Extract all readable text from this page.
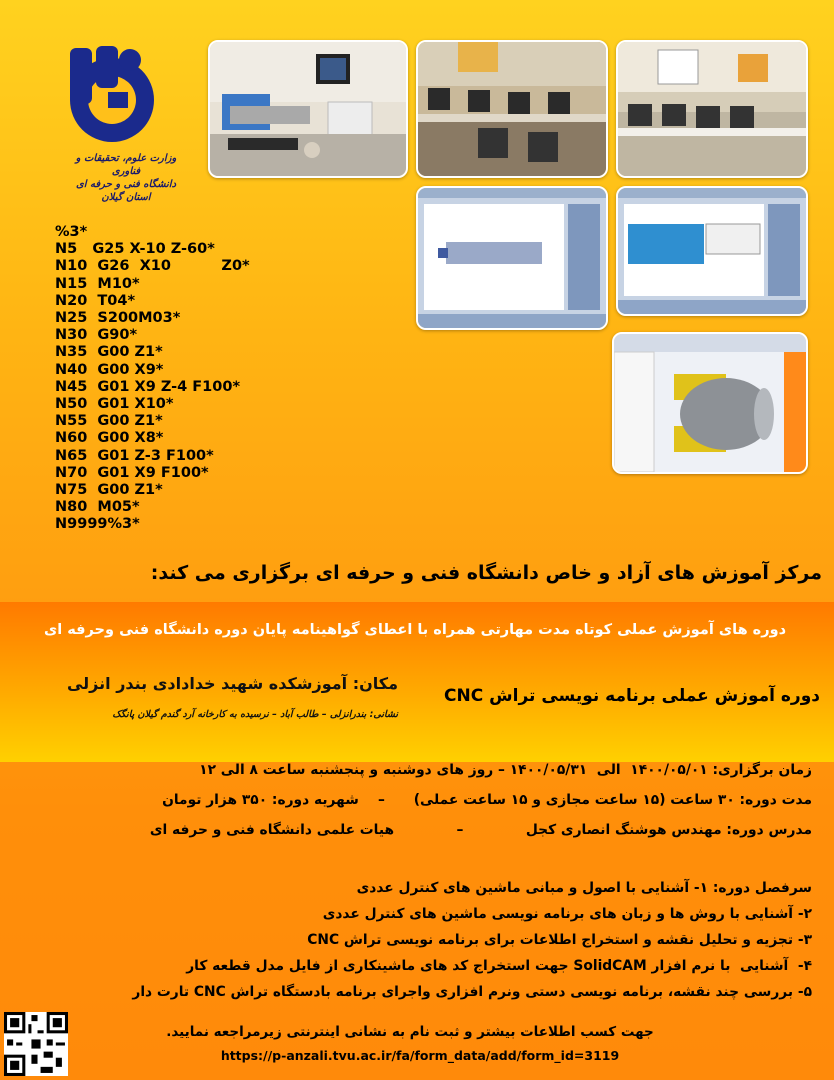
وزارت علوم، تحقیقات و فناوری
دانشگاه فنی و حرفه ای
استان گیلان
%3*
N5   G25 X-10 Z-60*
N10  G26  X10          Z0*
N15  M10*
N20  T04*
N25  S200M03*
N30  G90*
N35  G00 Z1*
N40  G00 X9*
N45  G01 X9 Z-4 F100*
N50  G01 X10*
N55  G00 Z1*
N60  G00 X8*
N65  G01 Z-3 F100*
N70  G01 X9 F100*
N75  G00 Z1*
N80  M05*
N9999%3*
مرکز آموزش های آزاد و خاص دانشگاه فنی و حرفه ای برگزاری می کند:
دوره های آموزش عملی کوتاه مدت مهارتی همراه با اعطای گواهینامه پایان دوره دانشگاه فنی وحرفه ای
مکان: آموزشکده شهید خدادادی بندر انزلی
نشانی: بندرانزلی – طالب آباد – نرسیده به کارخانه آرد گندم گیلان پانگک
دوره آموزش عملی برنامه نویسی تراش CNC
زمان برگزاری: ۱۴۰۰/۰۵/۰۱  الی  ۱۴۰۰/۰۵/۳۱ – روز های دوشنبه و پنجشنبه ساعت ۸ الی ۱۲
مدت دوره: ۳۰ ساعت (۱۵ ساعت مجازی و ۱۵ ساعت عملی)      –    شهریه دوره: ۳۵۰ هزار تومان
مدرس دوره: مهندس هوشنگ انصاری کجل             –             هیات علمی دانشگاه فنی و حرفه ای
سرفصل دوره: ۱- آشنایی با اصول و مبانی ماشین های کنترل عددی
۲- آشنایی با روش ها و زبان های برنامه نویسی ماشین های کنترل عددی
۳- تجزیه و تحلیل نقشه و استخراج اطلاعات برای برنامه نویسی تراش CNC
۴-  آشنایی  با نرم افزار SolidCAM جهت استخراج کد های ماشینکاری از فایل مدل قطعه کار
۵- بررسی چند نقشه، برنامه نویسی دستی ونرم افزاری واجرای برنامه بادستگاه تراش CNC تارت دار
جهت کسب اطلاعات بیشتر و ثبت نام به نشانی اینترنتی زیرمراجعه نمایید.
https://p-anzali.tvu.ac.ir/fa/form_data/add/form_id=3119
